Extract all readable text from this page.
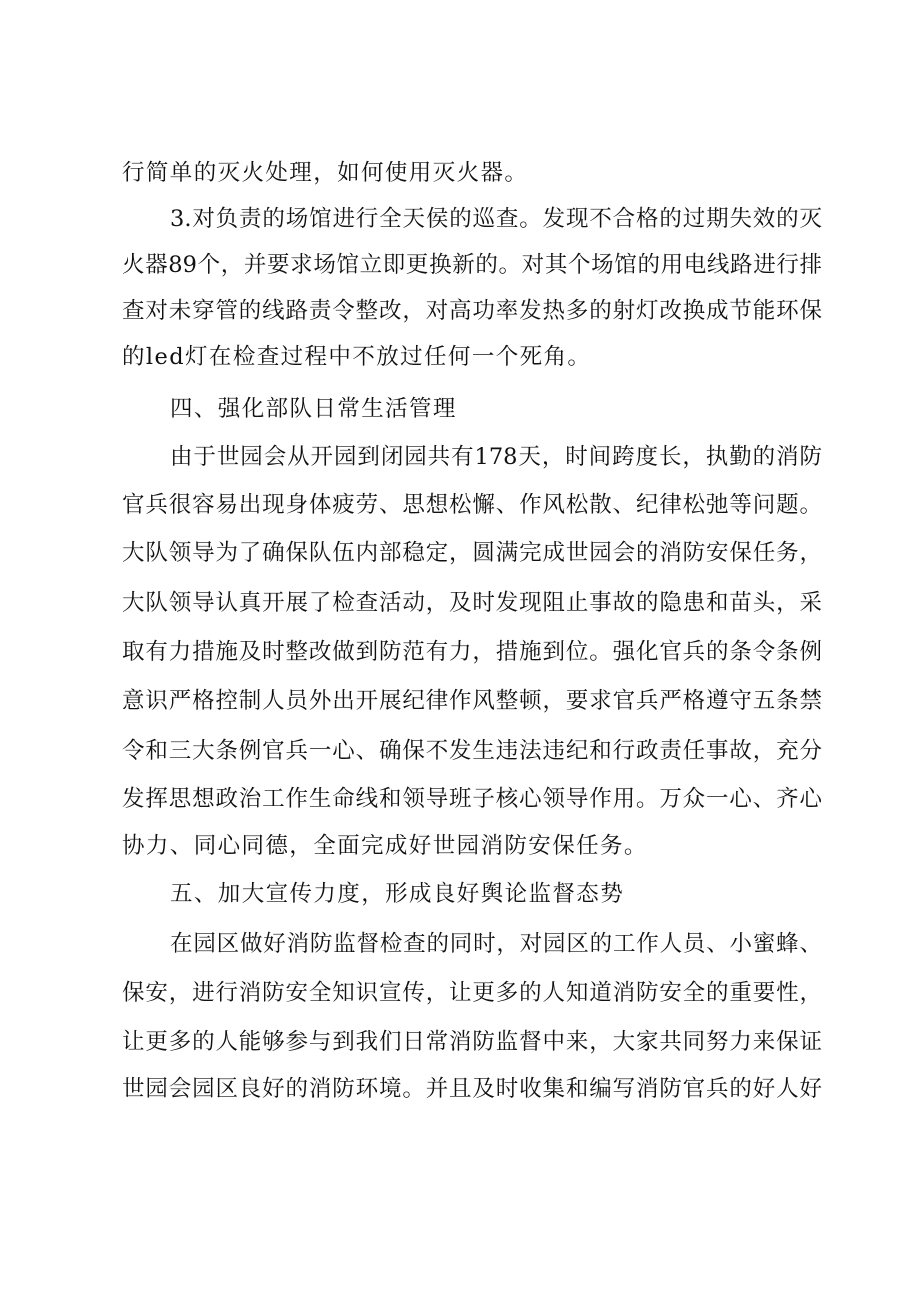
行简单的灭火处理，如何使用灭火器。
3.对负责的场馆进行全天侯的巡查。发现不合格的过期失效的灭
火器89个，并要求场馆立即更换新的。对其个场馆的用电线路进行排
查对未穿管的线路责令整改，对高功率发热多的射灯改换成节能环保
的led灯在检查过程中不放过任何一个死角。
四、强化部队日常生活管理
由于世园会从开园到闭园共有178天，时间跨度长，执勤的消防
官兵很容易出现身体疲劳、思想松懈、作风松散、纪律松弛等问题。
大队领导为了确保队伍内部稳定，圆满完成世园会的消防安保任务，
大队领导认真开展了检查活动，及时发现阻止事故的隐患和苗头，采
取有力措施及时整改做到防范有力，措施到位。强化官兵的条令条例
意识严格控制人员外出开展纪律作风整顿，要求官兵严格遵守五条禁
令和三大条例官兵一心、确保不发生违法违纪和行政责任事故，充分
发挥思想政治工作生命线和领导班子核心领导作用。万众一心、齐心
协力、同心同德，全面完成好世园消防安保任务。
五、加大宣传力度，形成良好舆论监督态势
在园区做好消防监督检查的同时，对园区的工作人员、小蜜蜂、
保安，进行消防安全知识宣传，让更多的人知道消防安全的重要性，
让更多的人能够参与到我们日常消防监督中来，大家共同努力来保证
世园会园区良好的消防环境。并且及时收集和编写消防官兵的好人好
